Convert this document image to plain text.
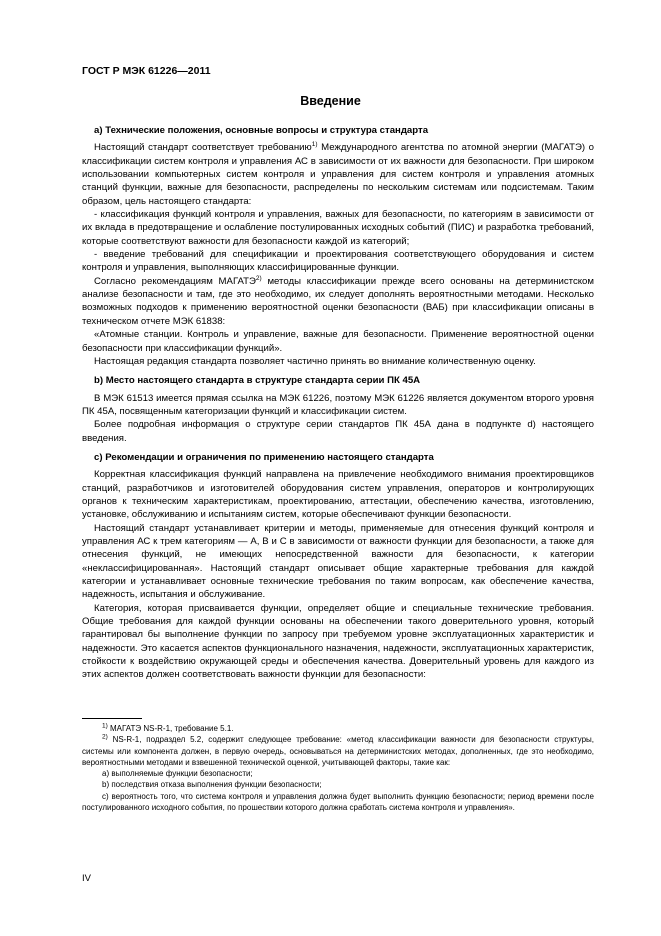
ГОСТ Р МЭК 61226—2011
Введение

a) Технические положения, основные вопросы и структура стандарта

Настоящий стандарт соответствует требованию$^{1)}$ Международного агентства по атомной энергии (МАГАТЭ) о классификации систем контроля и управления АС в зависимости от их важности для безопасности. При широком использовании компьютерных систем контроля и управления для систем контроля и управления атомных станций функции, важные для безопасности, распределены по нескольким системам или подсистемам. Таким образом, цель настоящего стандарта:

- классификация функций контроля и управления, важных для безопасности, по категориям в зависимости от их вклада в предотвращение и ослабление постулированных исходных событий (ПИС) и разработка требований, которые соответствуют важности для безопасности каждой из категорий;

- введение требований для спецификации и проектирования соответствующего оборудования и систем контроля и управления, выполняющих классифицированные функции.

Согласно рекомендациям МАГАТЭ$^{2)}$ методы классификации прежде всего основаны на детерминистском анализе безопасности и там, где это необходимо, их следует дополнять вероятностными методами. Несколько возможных подходов к применению вероятностной оценки безопасности (ВАБ) при классификации описаны в техническом отчете МЭК 61838:

«Атомные станции. Контроль и управление, важные для безопасности. Применение вероятностной оценки безопасности при классификации функций».

Настоящая редакция стандарта позволяет частично принять во внимание количественную оценку.

b) Место настоящего стандарта в структуре стандарта серии ПК 45А

В МЭК 61513 имеется прямая ссылка на МЭК 61226, поэтому МЭК 61226 является документом второго уровня ПК 45А, посвященным категоризации функций и классификации систем.

Более подробная информация о структуре серии стандартов ПК 45А дана в подпункте d) настоящего введения.

c) Рекомендации и ограничения по применению настоящего стандарта

Корректная классификация функций направлена на привлечение необходимого внимания проектировщиков станций, разработчиков и изготовителей оборудования систем управления, операторов и контролирующих органов к техническим характеристикам, проектированию, аттестации, обеспечению качества, изготовлению, установке, обслуживанию и испытаниям систем, которые обеспечивают функции безопасности.

Настоящий стандарт устанавливает критерии и методы, применяемые для отнесения функций контроля и управления АС к трем категориям — А, В и С в зависимости от важности функции для безопасности, а также для отнесения функций, не имеющих непосредственной важности для безопасности, к категории «неклассифицированная». Настоящий стандарт описывает общие характерные требования для каждой категории и устанавливает основные технические требования по таким вопросам, как обеспечение качества, надежность, испытания и обслуживание.

Категория, которая присваивается функции, определяет общие и специальные технические требования. Общие требования для каждой функции основаны на обеспечении такого доверительного уровня, который гарантировал бы выполнение функции по запросу при требуемом уровне эксплуатационных характеристик и надежности. Это касается аспектов функционального назначения, надежности, эксплуатационных характеристик, стойкости к воздействию окружающей среды и обеспечения качества. Доверительный уровень для каждого из этих аспектов должен соответствовать важности функции для безопасности:

$^{1)}$ МАГАТЭ NS-R-1, требование 5.1.

$^{2)}$ NS-R-1, подраздел 5.2, содержит следующее требование: «метод классификации важности для безопасности структуры, системы или компонента должен, в первую очередь, основываться на детерминистских методах, дополненных, где это необходимо, вероятностными методами и взвешенной технической оценкой, учитывающей факторы, такие как:

a) выполняемые функции безопасности;

b) последствия отказа выполнения функции безопасности;

c) вероятность того, что система контроля и управления должна будет выполнить функцию безопасности; период времени после постулированного исходного события, по прошествии которого должна сработать система контроля и управления».

IV
